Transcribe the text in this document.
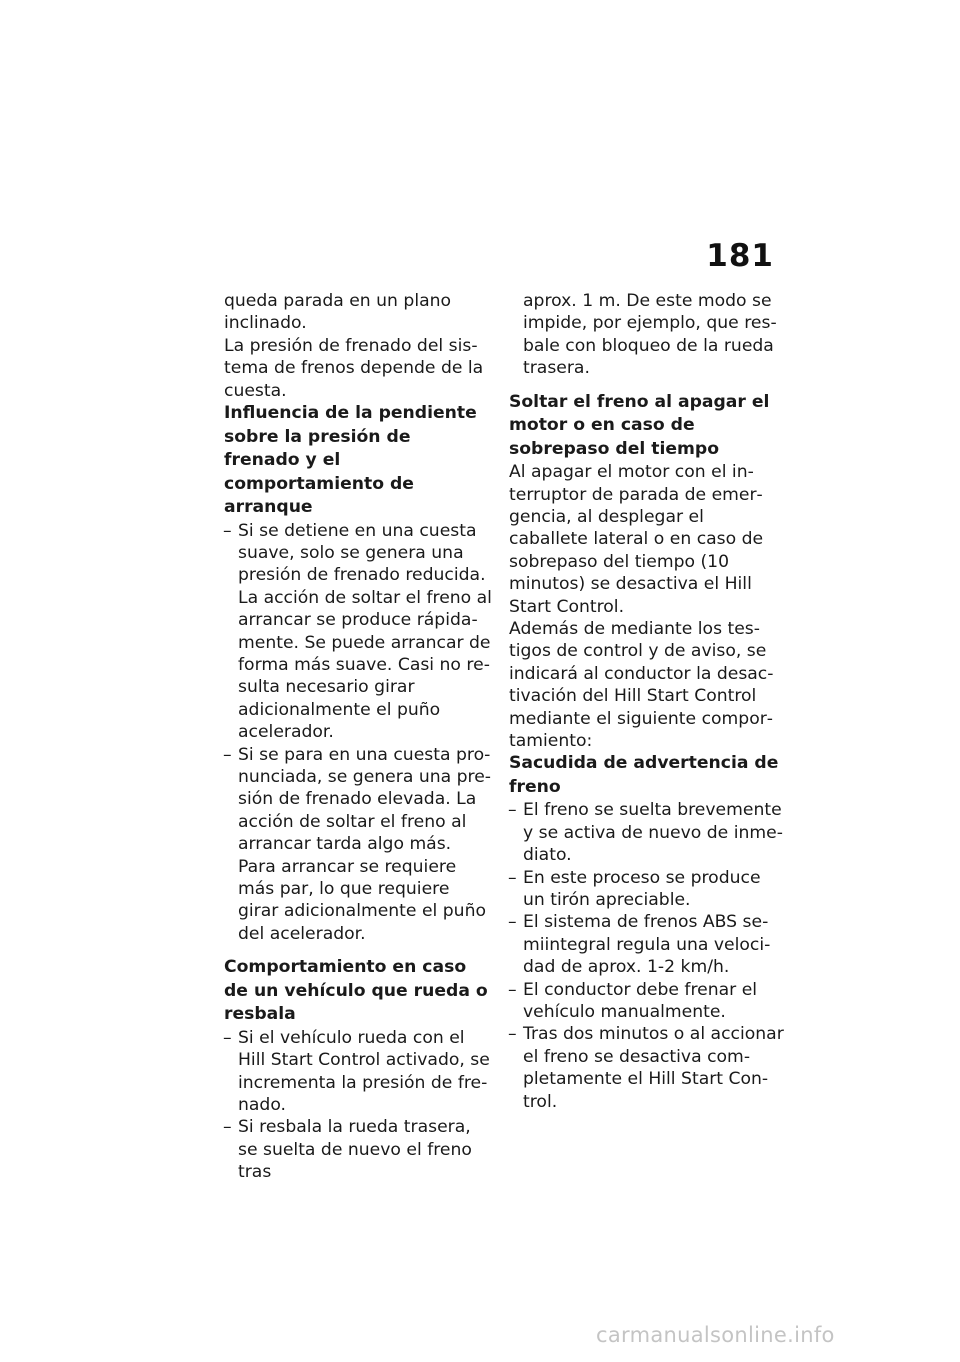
181

queda parada en un plano inclinado.

La presión de frenado del sistema de frenos depende de la cuesta.

Influencia de la pendiente sobre la presión de frenado y el comportamiento de arranque

– Si se detiene en una cuesta suave, solo se genera una presión de frenado reducida. La acción de soltar el freno al arrancar se produce rápidamente. Se puede arrancar de forma más suave. Casi no resulta necesario girar adicionalmente el puño acelerador.
– Si se para en una cuesta pronunciada, se genera una presión de frenado elevada. La acción de soltar el freno al arrancar tarda algo más. Para arrancar se requiere más par, lo que requiere girar adicionalmente el puño del acelerador.

Comportamiento en caso de un vehículo que rueda o resbala

– Si el vehículo rueda con el Hill Start Control activado, se incrementa la presión de frenado.
– Si resbala la rueda trasera, se suelta de nuevo el freno tras

aprox. 1 m. De este modo se impide, por ejemplo, que resbale con bloqueo de la rueda trasera.

Soltar el freno al apagar el motor o en caso de sobrepaso del tiempo

Al apagar el motor con el interruptor de parada de emergencia, al desplegar el caballete lateral o en caso de sobrepaso del tiempo (10 minutos) se desactiva el Hill Start Control.

Además de mediante los testigos de control y de aviso, se indicará al conductor la desactivación del Hill Start Control mediante el siguiente comportamiento:

Sacudida de advertencia de freno

– El freno se suelta brevemente y se activa de nuevo de inmediato.
– En este proceso se produce un tirón apreciable.
– El sistema de frenos ABS semiintegral regula una velocidad de aprox. 1-2 km/h.
– El conductor debe frenar el vehículo manualmente.
– Tras dos minutos o al accionar el freno se desactiva completamente el Hill Start Control.
carmanualsonline.info
